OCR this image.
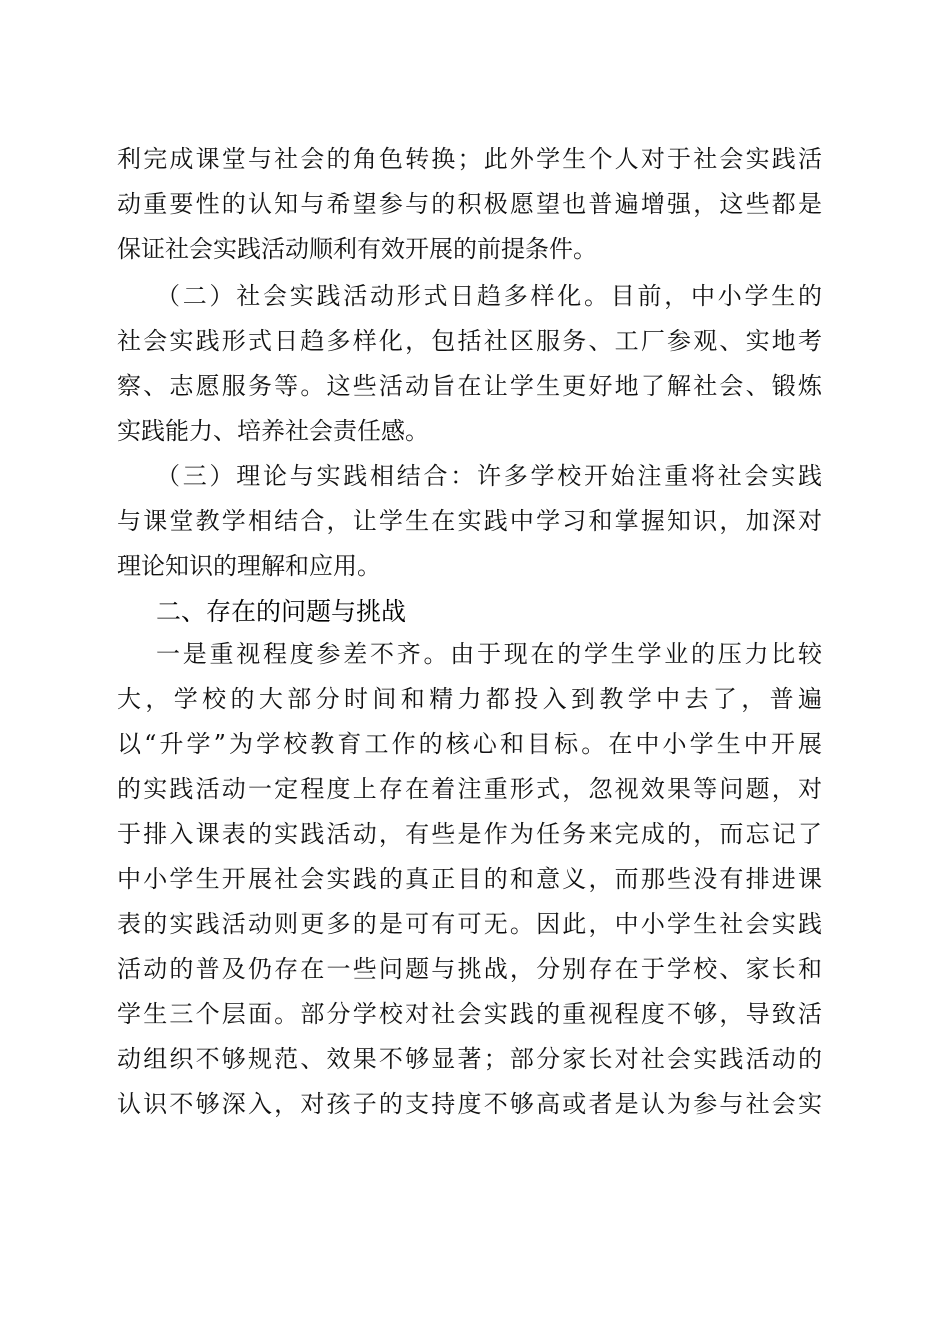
利完成课堂与社会的角色转换；此外学生个人对于社会实践活
动重要性的认知与希望参与的积极愿望也普遍增强，这些都是
保证社会实践活动顺利有效开展的前提条件。
（二）社会实践活动形式日趋多样化。目前，中小学生的
社会实践形式日趋多样化，包括社区服务、工厂参观、实地考
察、志愿服务等。这些活动旨在让学生更好地了解社会、锻炼
实践能力、培养社会责任感。
（三）理论与实践相结合：许多学校开始注重将社会实践
与课堂教学相结合，让学生在实践中学习和掌握知识，加深对
理论知识的理解和应用。
二、存在的问题与挑战
一是重视程度参差不齐。由于现在的学生学业的压力比较
大，学校的大部分时间和精力都投入到教学中去了，普遍
以“升学”为学校教育工作的核心和目标。在中小学生中开展
的实践活动一定程度上存在着注重形式，忽视效果等问题，对
于排入课表的实践活动，有些是作为任务来完成的，而忘记了
中小学生开展社会实践的真正目的和意义，而那些没有排进课
表的实践活动则更多的是可有可无。因此，中小学生社会实践
活动的普及仍存在一些问题与挑战，分别存在于学校、家长和
学生三个层面。部分学校对社会实践的重视程度不够，导致活
动组织不够规范、效果不够显著；部分家长对社会实践活动的
认识不够深入，对孩子的支持度不够高或者是认为参与社会实
